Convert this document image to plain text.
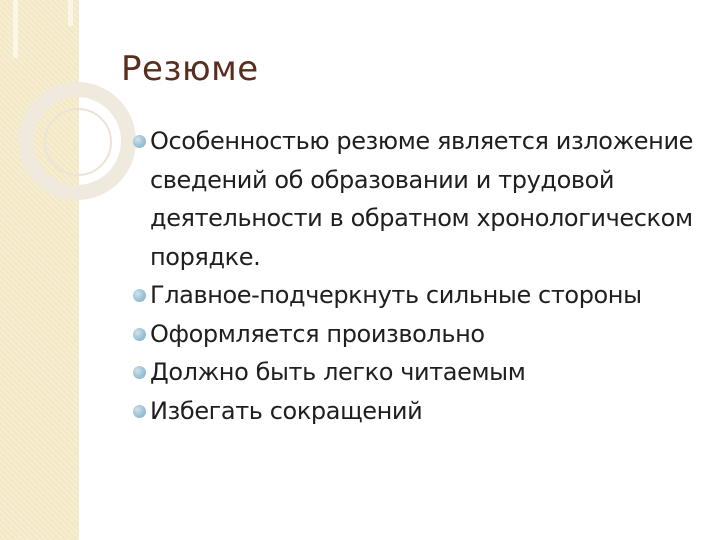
Резюме
Особенностью резюме является изложение сведений об образовании и трудовой деятельности в обратном хронологическом порядке.
Главное-подчеркнуть сильные стороны
Оформляется произвольно
Должно быть легко читаемым
Избегать сокращений
